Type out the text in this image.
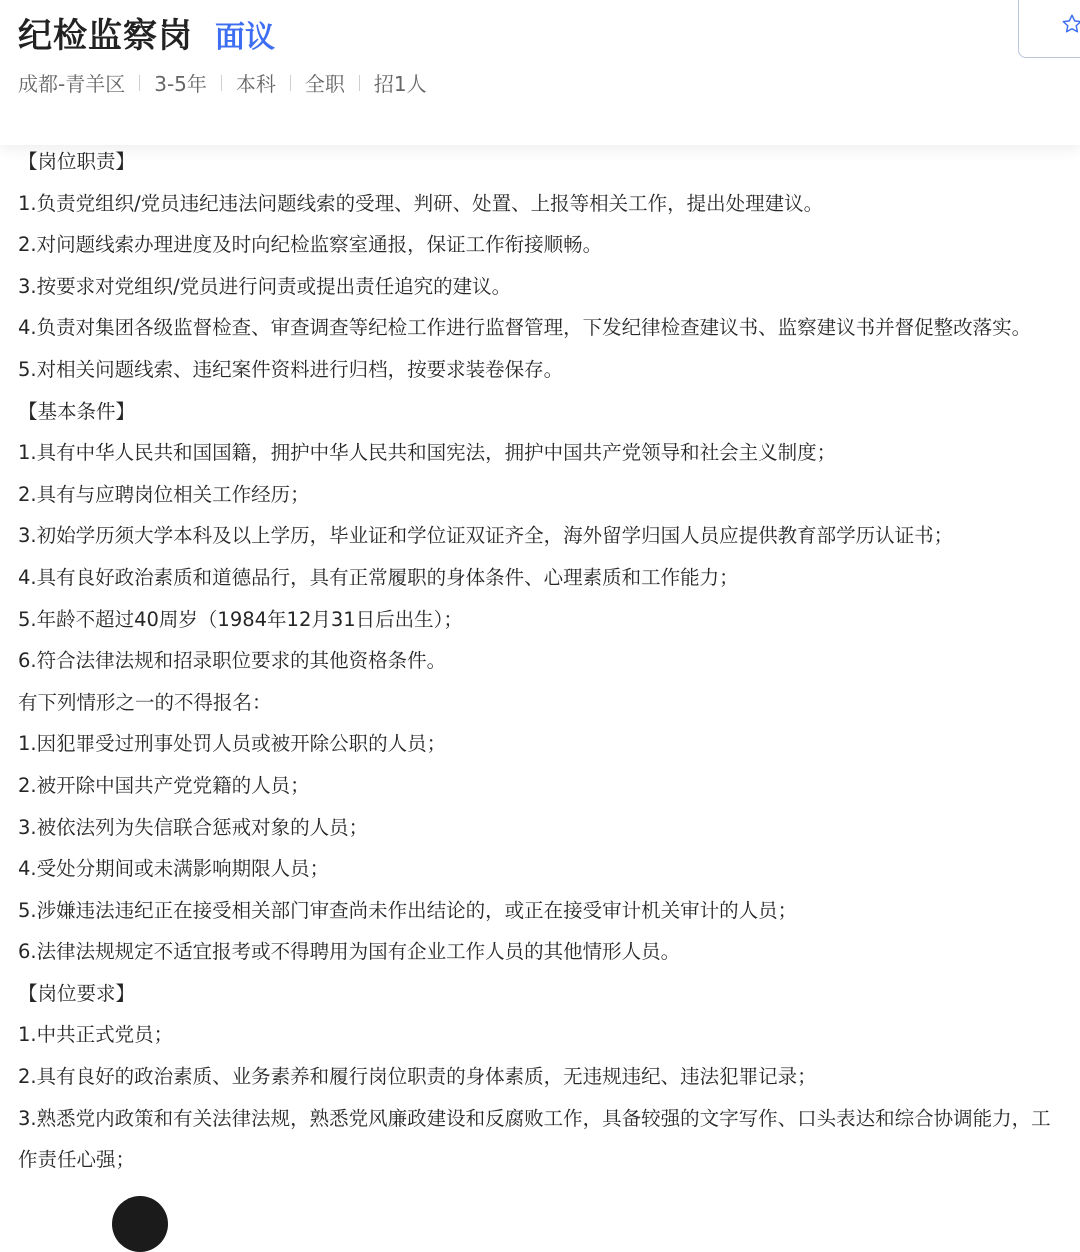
纪检监察岗 面议
成都-青羊区 3-5年 本科 全职 招1人
【岗位职责】
1.负责党组织/党员违纪违法问题线索的受理、判研、处置、上报等相关工作，提出处理建议。
2.对问题线索办理进度及时向纪检监察室通报，保证工作衔接顺畅。
3.按要求对党组织/党员进行问责或提出责任追究的建议。
4.负责对集团各级监督检查、审查调查等纪检工作进行监督管理，下发纪律检查建议书、监察建议书并督促整改落实。
5.对相关问题线索、违纪案件资料进行归档，按要求装卷保存。
【基本条件】
1.具有中华人民共和国国籍，拥护中华人民共和国宪法，拥护中国共产党领导和社会主义制度；
2.具有与应聘岗位相关工作经历；
3.初始学历须大学本科及以上学历，毕业证和学位证双证齐全，海外留学归国人员应提供教育部学历认证书；
4.具有良好政治素质和道德品行，具有正常履职的身体条件、心理素质和工作能力；
5.年龄不超过40周岁（1984年12月31日后出生）；
6.符合法律法规和招录职位要求的其他资格条件。
有下列情形之一的不得报名：
1.因犯罪受过刑事处罚人员或被开除公职的人员；
2.被开除中国共产党党籍的人员；
3.被依法列为失信联合惩戒对象的人员；
4.受处分期间或未满影响期限人员；
5.涉嫌违法违纪正在接受相关部门审查尚未作出结论的，或正在接受审计机关审计的人员；
6.法律法规规定不适宜报考或不得聘用为国有企业工作人员的其他情形人员。
【岗位要求】
1.中共正式党员；
2.具有良好的政治素质、业务素养和履行岗位职责的身体素质，无违规违纪、违法犯罪记录；
3.熟悉党内政策和有关法律法规，熟悉党风廉政建设和反腐败工作，具备较强的文字写作、口头表达和综合协调能力，工作责任心强；
